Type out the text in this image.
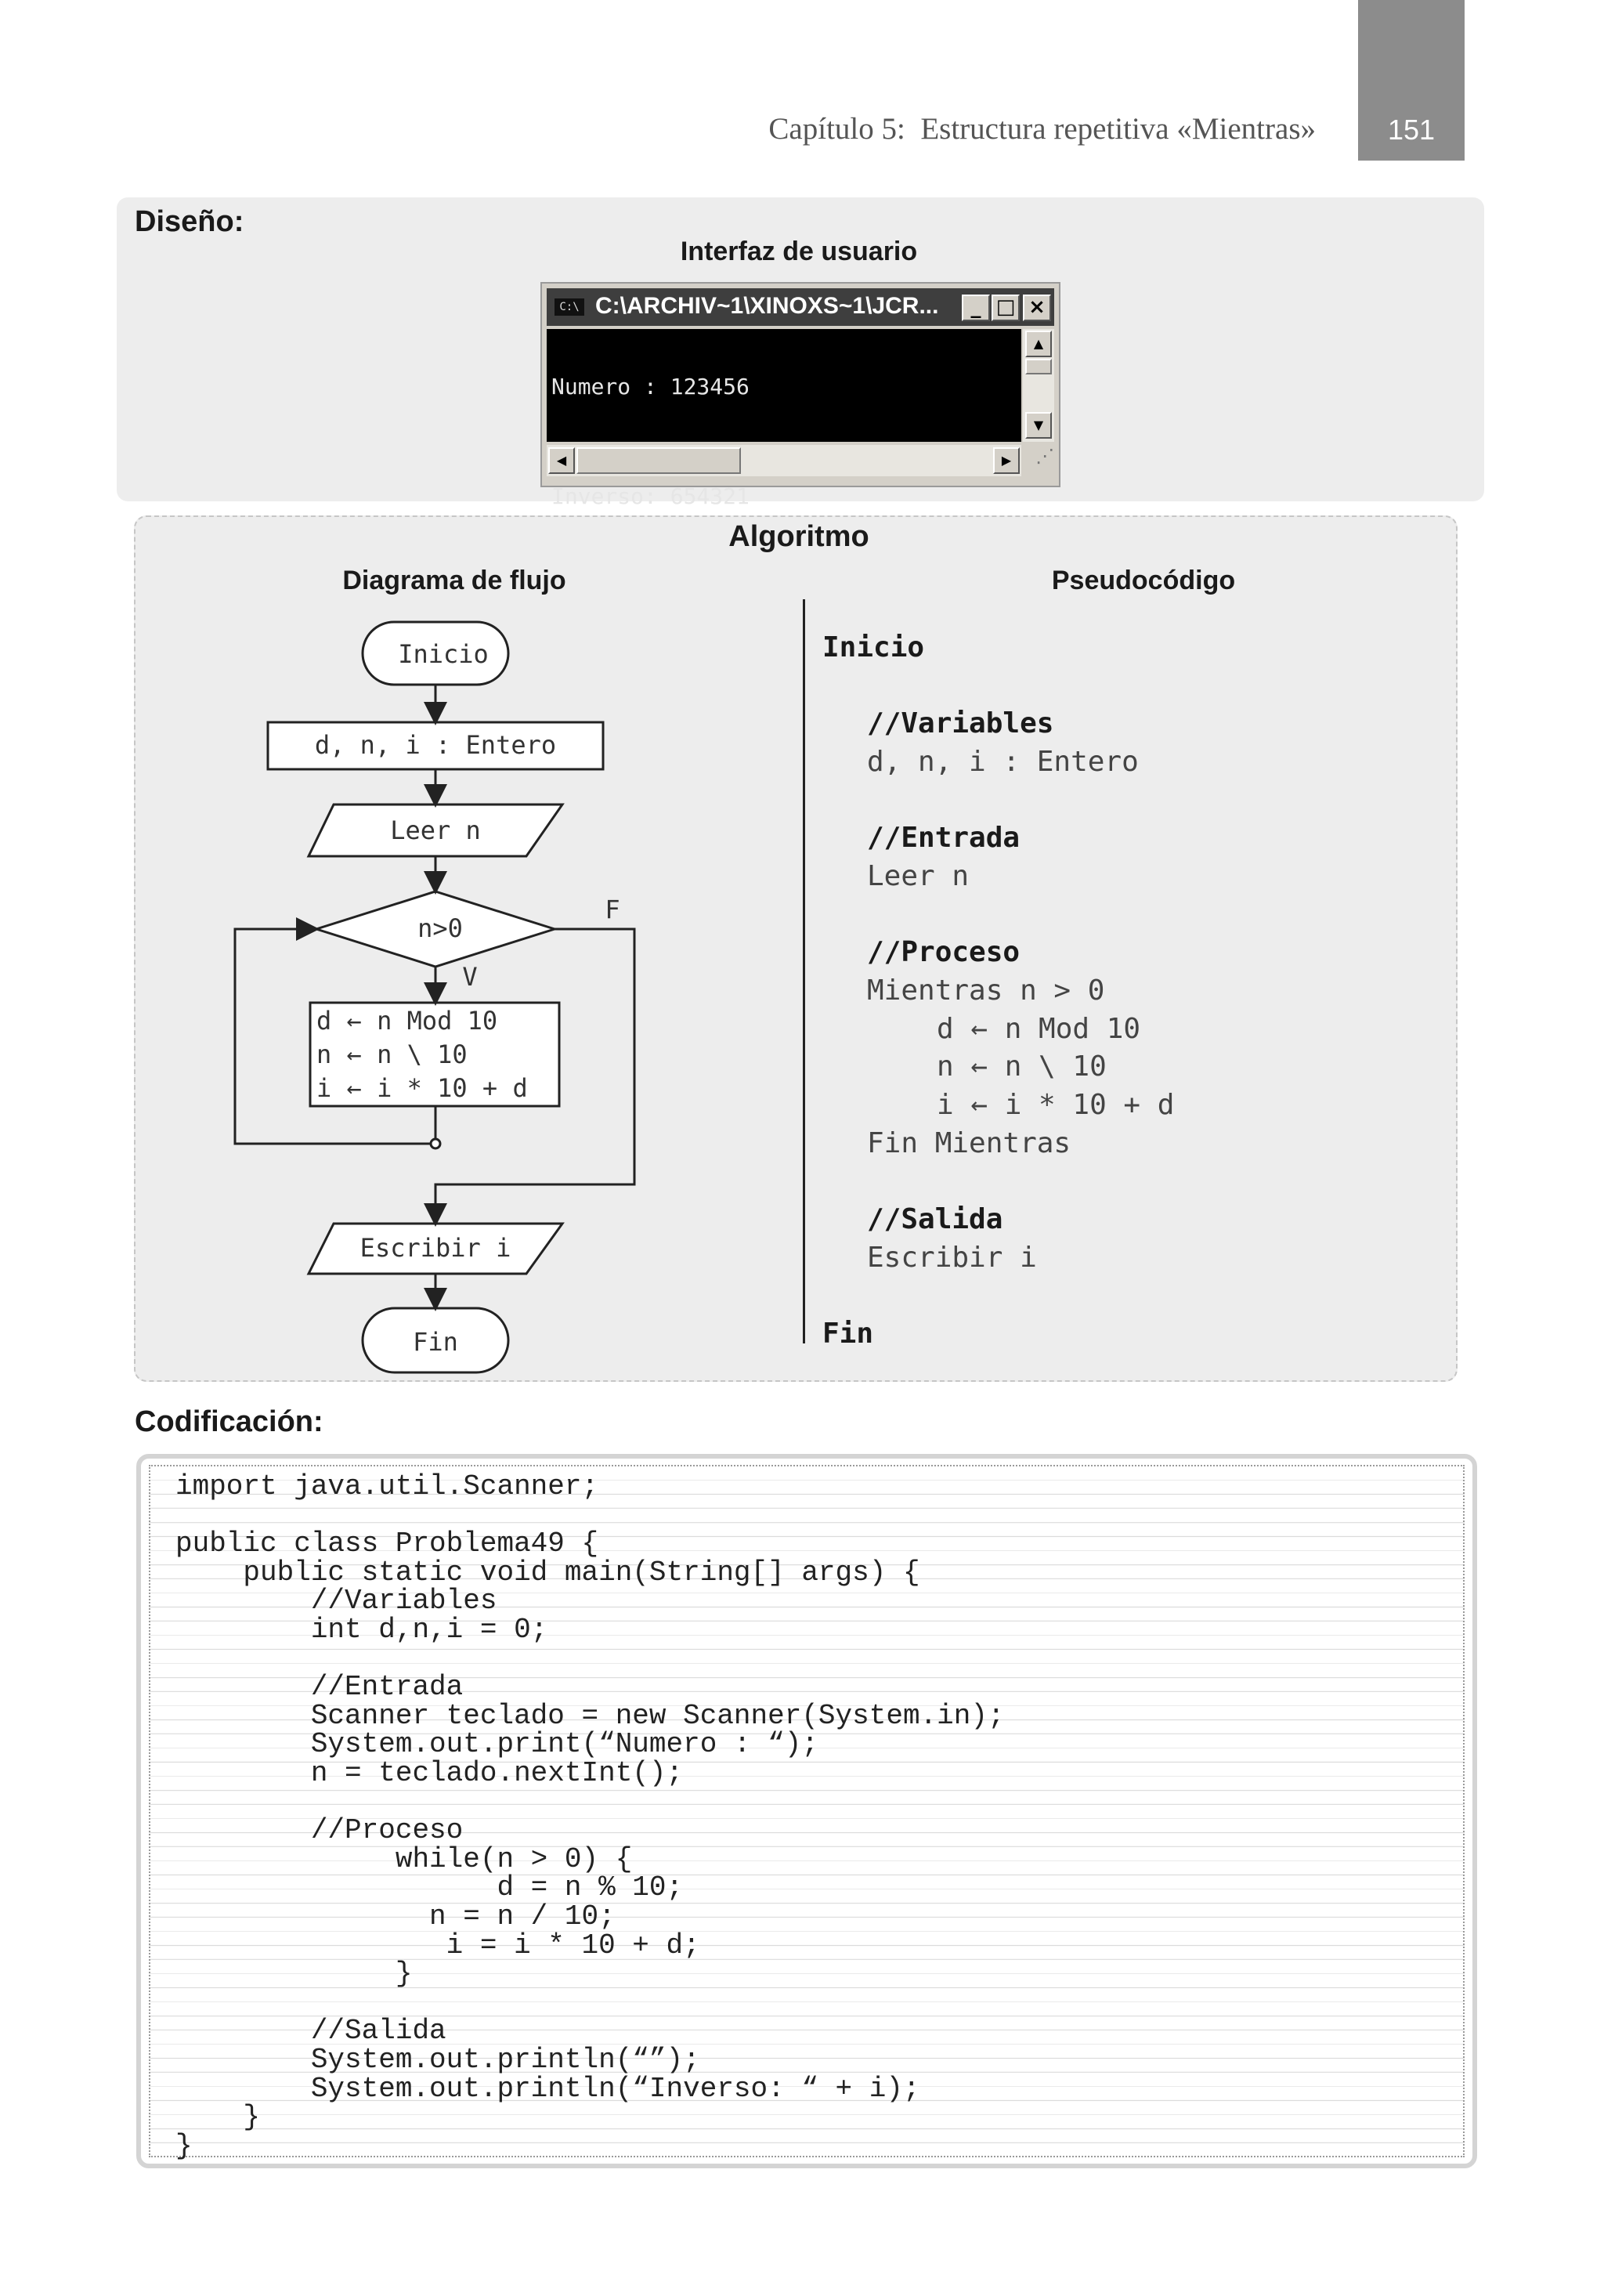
Capítulo 5:  Estructura repetitiva «Mientras»	151
Diseño:
Interfaz de usuario
C:\ C:\ARCHIV~1\XINOXS~1\JCR...	_ □ ×

Numero : 123456

Inverso: 654321

▲
▼
◀	▶	⋰
Algoritmo
Diagrama de flujo	Pseudocódigo
Inicio
d, n, i : Entero
Leer n
n>0
F
V
d ← n Mod 10
n ← n \ 10
i ← i * 10 + d
Escribir i
Fin
Inicio
//Variables
d, n, i : Entero
//Entrada
Leer n
//Proceso
Mientras n > 0
d ← n Mod 10
n ← n \ 10
i ← i * 10 + d
Fin Mientras
//Salida
Escribir i
Fin
Codificación:
import java.util.Scanner;
public class Problema49 {
public static void main(String[] args) {
//Variables
int d,n,i = 0;
//Entrada
Scanner teclado = new Scanner(System.in);
System.out.print(“Numero : “);
n = teclado.nextInt();
//Proceso
while(n > 0) {
d = n % 10;
n = n / 10;
i = i * 10 + d;
}
//Salida
System.out.println(“”);
System.out.println(“Inverso: “ + i);
}
}
